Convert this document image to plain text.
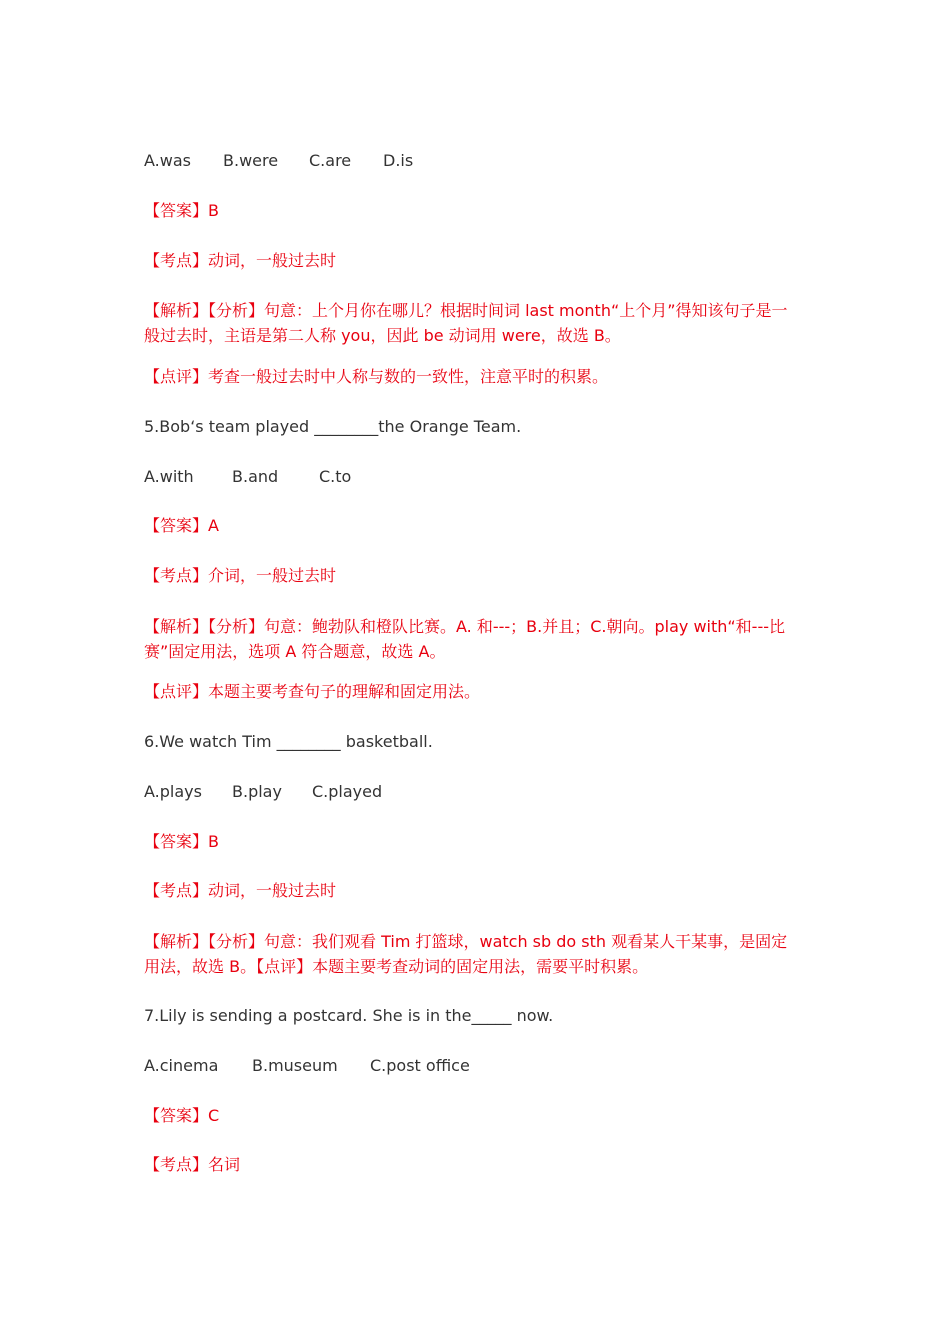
A.was B.were C.are D.is
【答案】B
【考点】动词，一般过去时
【解析】【分析】句意：上个月你在哪儿？根据时间词 last month“上个月”得知该句子是一
般过去时，主语是第二人称 you，因此 be 动词用 were，故选 B。
【点评】考查一般过去时中人称与数的一致性，注意平时的积累。
5.Bob‘s team played ________the Orange Team.
A.with B.and	C.to
【答案】A
【考点】介词，一般过去时
【解析】【分析】句意：鲍勃队和橙队比赛。A. 和---；B.并且；C.朝向。play with“和---比
赛”固定用法，选项 A 符合题意，故选 A。
【点评】本题主要考查句子的理解和固定用法。
6.We watch Tim ________ basketball.
A.plays B.play C.played
【答案】B
【考点】动词，一般过去时
【解析】【分析】句意：我们观看 Tim 打篮球，watch sb do sth 观看某人干某事，是固定
用法，故选 B。【点评】本题主要考查动词的固定用法，需要平时积累。
7.Lily is sending a postcard. She is in the_____ now.
A.cinema B.museum C.post office
【答案】C
【考点】名词
